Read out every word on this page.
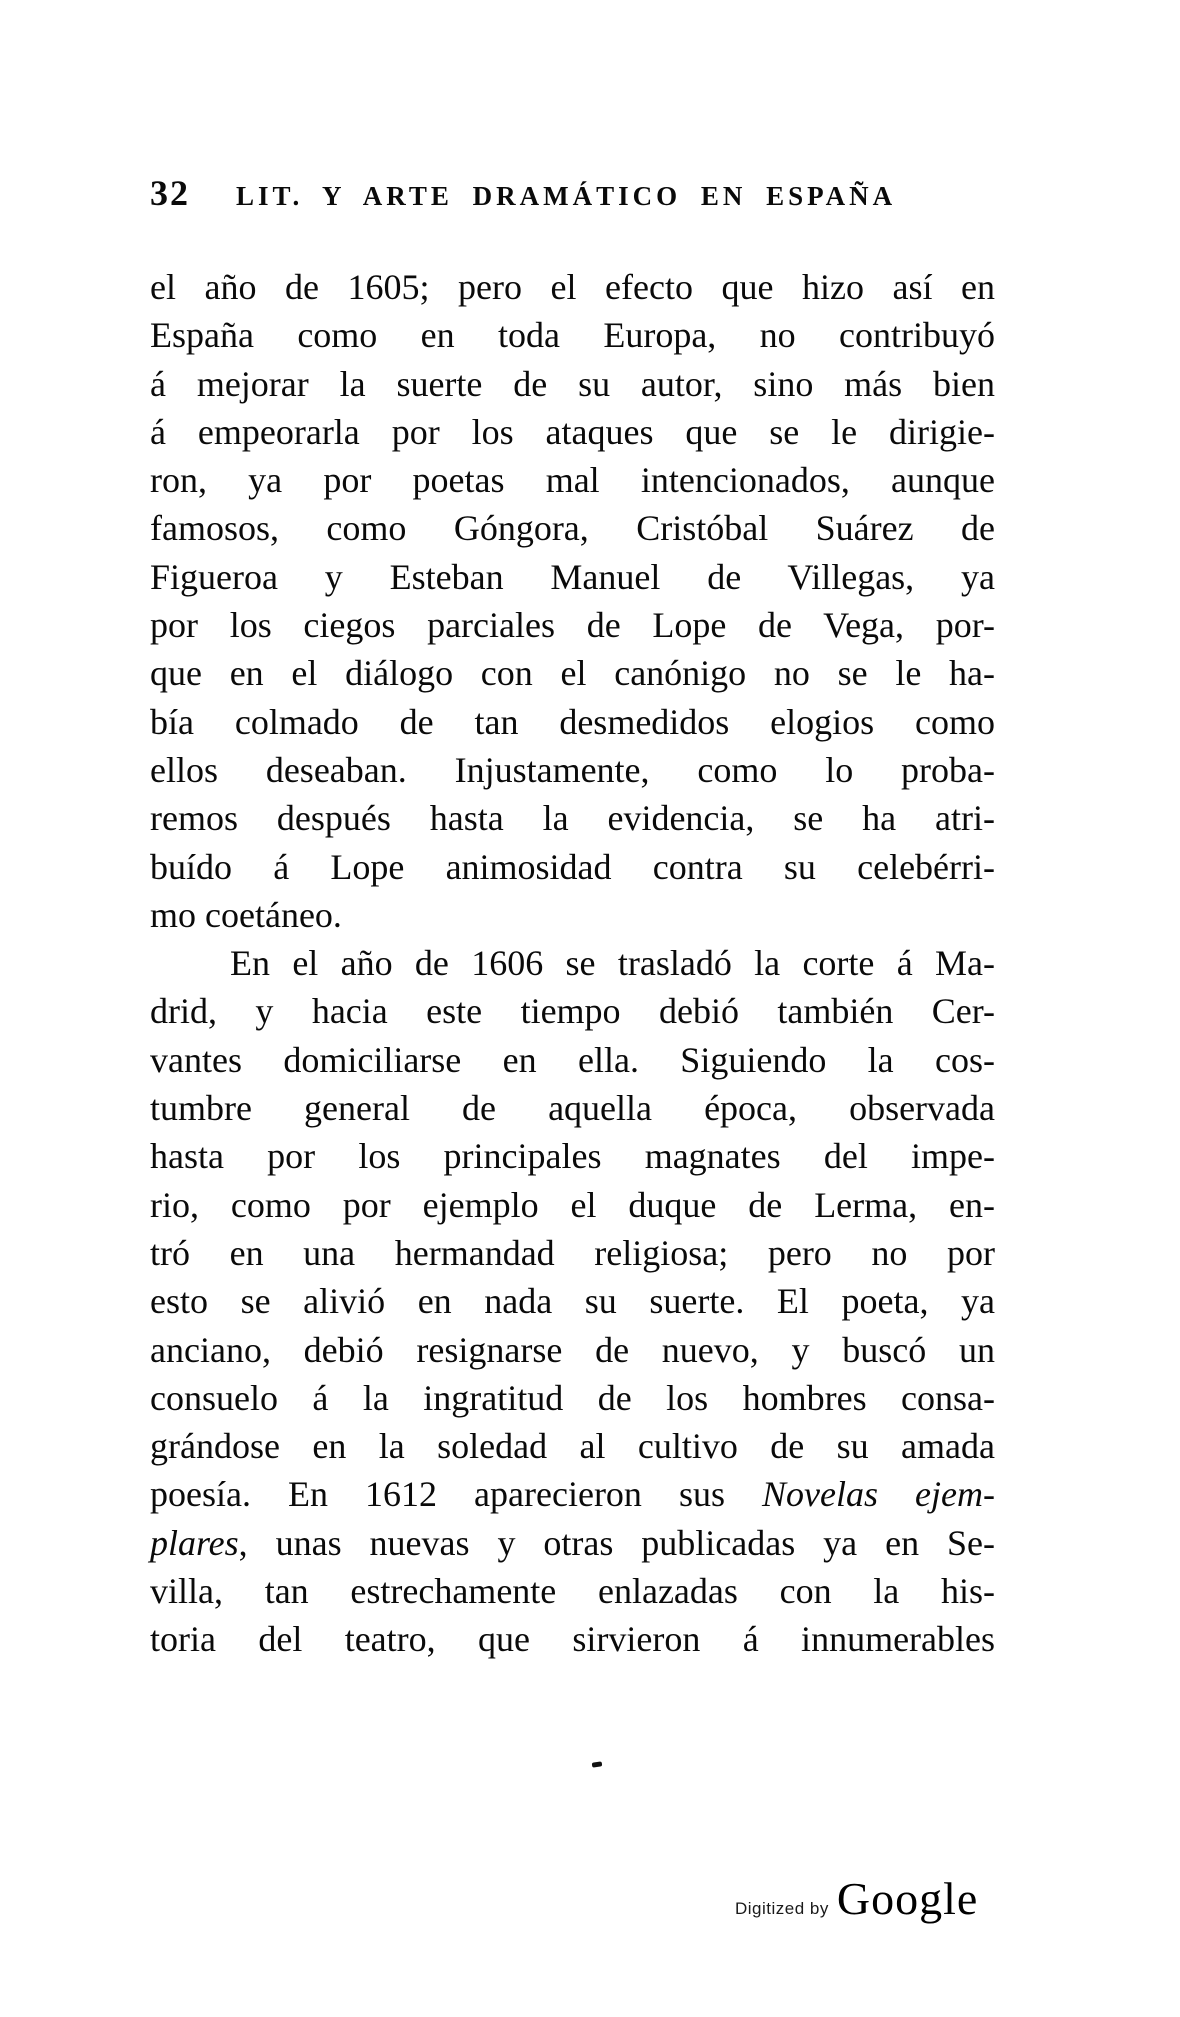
32 LIT. Y ARTE DRAMÁTICO EN ESPAÑA
el año de 1605; pero el efecto que hizo así en
España como en toda Europa, no contribuyó
á mejorar la suerte de su autor, sino más bien
á empeorarla por los ataques que se le dirigie-
ron, ya por poetas mal intencionados, aunque
famosos, como Góngora, Cristóbal Suárez de
Figueroa y Esteban Manuel de Villegas, ya
por los ciegos parciales de Lope de Vega, por-
que en el diálogo con el canónigo no se le ha-
bía colmado de tan desmedidos elogios como
ellos deseaban. Injustamente, como lo proba-
remos después hasta la evidencia, se ha atri-
buído á Lope animosidad contra su celebérri-
mo coetáneo.
En el año de 1606 se trasladó la corte á Ma-
drid, y hacia este tiempo debió también Cer-
vantes domiciliarse en ella. Siguiendo la cos-
tumbre general de aquella época, observada
hasta por los principales magnates del impe-
rio, como por ejemplo el duque de Lerma, en-
tró en una hermandad religiosa; pero no por
esto se alivió en nada su suerte. El poeta, ya
anciano, debió resignarse de nuevo, y buscó un
consuelo á la ingratitud de los hombres consa-
grándose en la soledad al cultivo de su amada
poesía. En 1612 aparecieron sus Novelas ejem-
plares, unas nuevas y otras publicadas ya en Se-
villa, tan estrechamente enlazadas con la his-
toria del teatro, que sirvieron á innumerables
Digitized by Google
